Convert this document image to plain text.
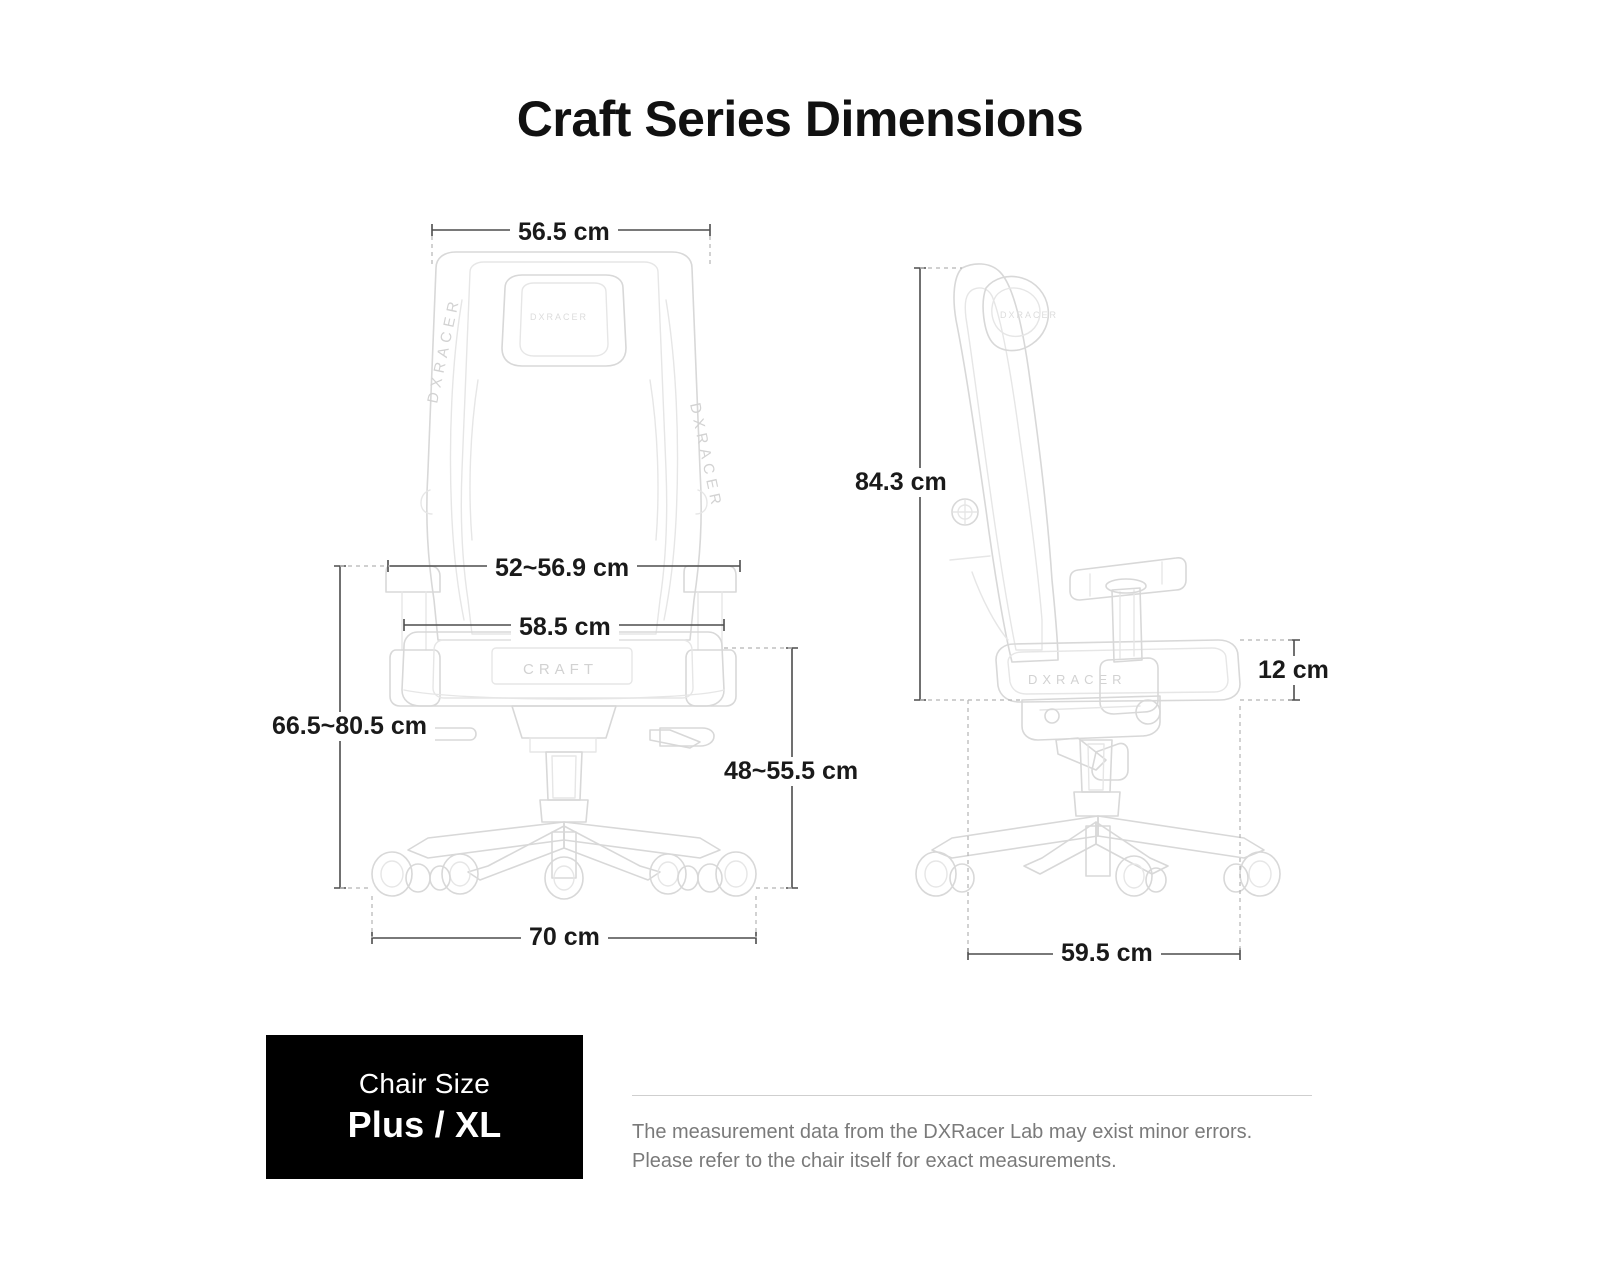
Craft Series Dimensions
DXRACER
DXRACER
DXRACER
CRAFT
DXRACER
DXRACER
56.5 cm
52~56.9 cm
58.5 cm
66.5~80.5 cm
48~55.5 cm
70 cm
84.3 cm
12 cm
59.5 cm
Chair Size
Plus / XL	The measurement data from the DXRacer Lab may exist minor errors.
Please refer to the chair itself for exact measurements.
